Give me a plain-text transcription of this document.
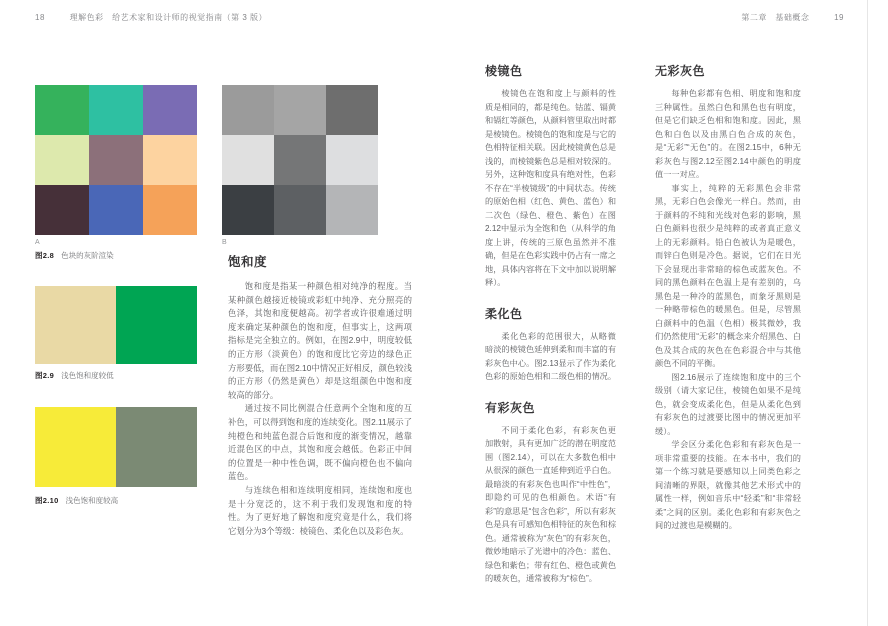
18	理解色彩　给艺术家和设计师的视觉指南（第 3 版）
A	B
图2.8 色块的灰阶渲染
图2.9 浅色饱和度较低
图2.10 浅色饱和度较高
饱和度

饱和度是指某一种颜色相对纯净的程度。当某种颜色越接近棱镜或彩虹中纯净、充分照亮的色泽，其饱和度便越高。初学者或许很难通过明度来确定某种颜色的饱和度，但事实上，这两项指标是完全独立的。例如，在图2.9中，明度较低的正方形（淡黄色）的饱和度比它旁边的绿色正方形要低，而在图2.10中情况正好相反，颜色较浅的正方形（仍然是黄色）却是这组颜色中饱和度较高的部分。

通过按不同比例混合任意两个全饱和度的互补色，可以得到饱和度的连续变化。图2.11展示了纯橙色和纯蓝色混合后饱和度的渐变情况，越靠近混色区的中点，其饱和度会越低。色彩正中间的位置是一种中性色调，既不偏向橙色也不偏向蓝色。

与连续色相和连续明度相同，连续饱和度也是十分宽泛的，这不利于我们发现饱和度的特性。为了更好地了解饱和度究竟是什么，我们将它划分为3个等级：棱镜色、柔化色以及彩色灰。

第二章　基础概念	19
棱镜色

棱镜色在饱和度上与颜料的性质是相同的，都是纯色。钴蓝、镉黄和镉红等颜色，从颜料管里取出时都是棱镜色。棱镜色的饱和度是与它的色相特征相关联。因此棱镜黄色总是浅的，而棱镜紫色总是相对较深的。另外，这种饱和度具有绝对性，色彩不存在“半棱镜级”的中间状态。传统的原始色相（红色、黄色、蓝色）和二次色（绿色、橙色、紫色）在图2.12中显示为全饱和色（从科学的角度上讲，传统的三原色虽然并不准确，但是在色彩实践中仍占有一席之地，具体内容将在下文中加以说明解释）。

柔化色

柔化色彩的范围很大，从略微暗淡的棱镜色延伸到柔和而丰富的有彩灰色中心。图2.13显示了作为柔化色彩的原始色相和二级色相的情况。

有彩灰色

不同于柔化色彩，有彩灰色更加散射，具有更加广泛的潜在明度范围（图2.14），可以在大多数色相中从很深的颜色一直延伸到近乎白色。最暗淡的有彩灰色也叫作“中性色”，即隐约可见的色相颜色。术语“有彩”的意思是“包含色彩”，所以有彩灰色是具有可感知色相特征的灰色和棕色。通常被称为“灰色”的有彩灰色，微妙地暗示了光谱中的冷色：蓝色、绿色和紫色；带有红色、橙色或黄色的暖灰色，通常被称为“棕色”。

无彩灰色

每种色彩都有色相、明度和饱和度三种属性。虽然白色和黑色也有明度，但是它们缺乏色相和饱和度。因此，黑色和白色以及由黑白色合成的灰色，是“无彩”“无色”的。在图2.15中，6种无彩灰色与图2.12至图2.14中颜色的明度值一一对应。

事实上，纯粹的无彩黑色会非常黑，无彩白色会像光一样白。然而，由于颜料的不纯和光线对色彩的影响，黑白色颜料也很少是纯粹的或者真正意义上的无彩颜料。铅白色被认为是暖色，而锌白色则是冷色。据说，它们在日光下会显现出非常暗的棕色或蓝灰色。不同的黑色颜料在色温上是有差别的，乌黑色是一种冷的蓝黑色，而象牙黑则是一种略带棕色的暖黑色。但是，尽管黑白颜料中的色温（色相）极其微妙，我们仍然使用“无彩”的概念来介绍黑色、白色及其合成的灰色在色彩混合中与其他颜色不同的平衡。

图2.16展示了连续饱和度中的三个级别（请大家记住，棱镜色如果不是纯色，就会变成柔化色，但是从柔化色到有彩灰色的过渡要比图中的情况更加平缓）。

学会区分柔化色彩和有彩灰色是一项非常重要的技能。在本书中，我们的第一个练习就是要感知以上同类色彩之间清晰的界限，就像其他艺术形式中的属性一样，例如音乐中“轻柔”和“非常轻柔”之间的区别。柔化色彩和有彩灰色之间的过渡也是模糊的。
